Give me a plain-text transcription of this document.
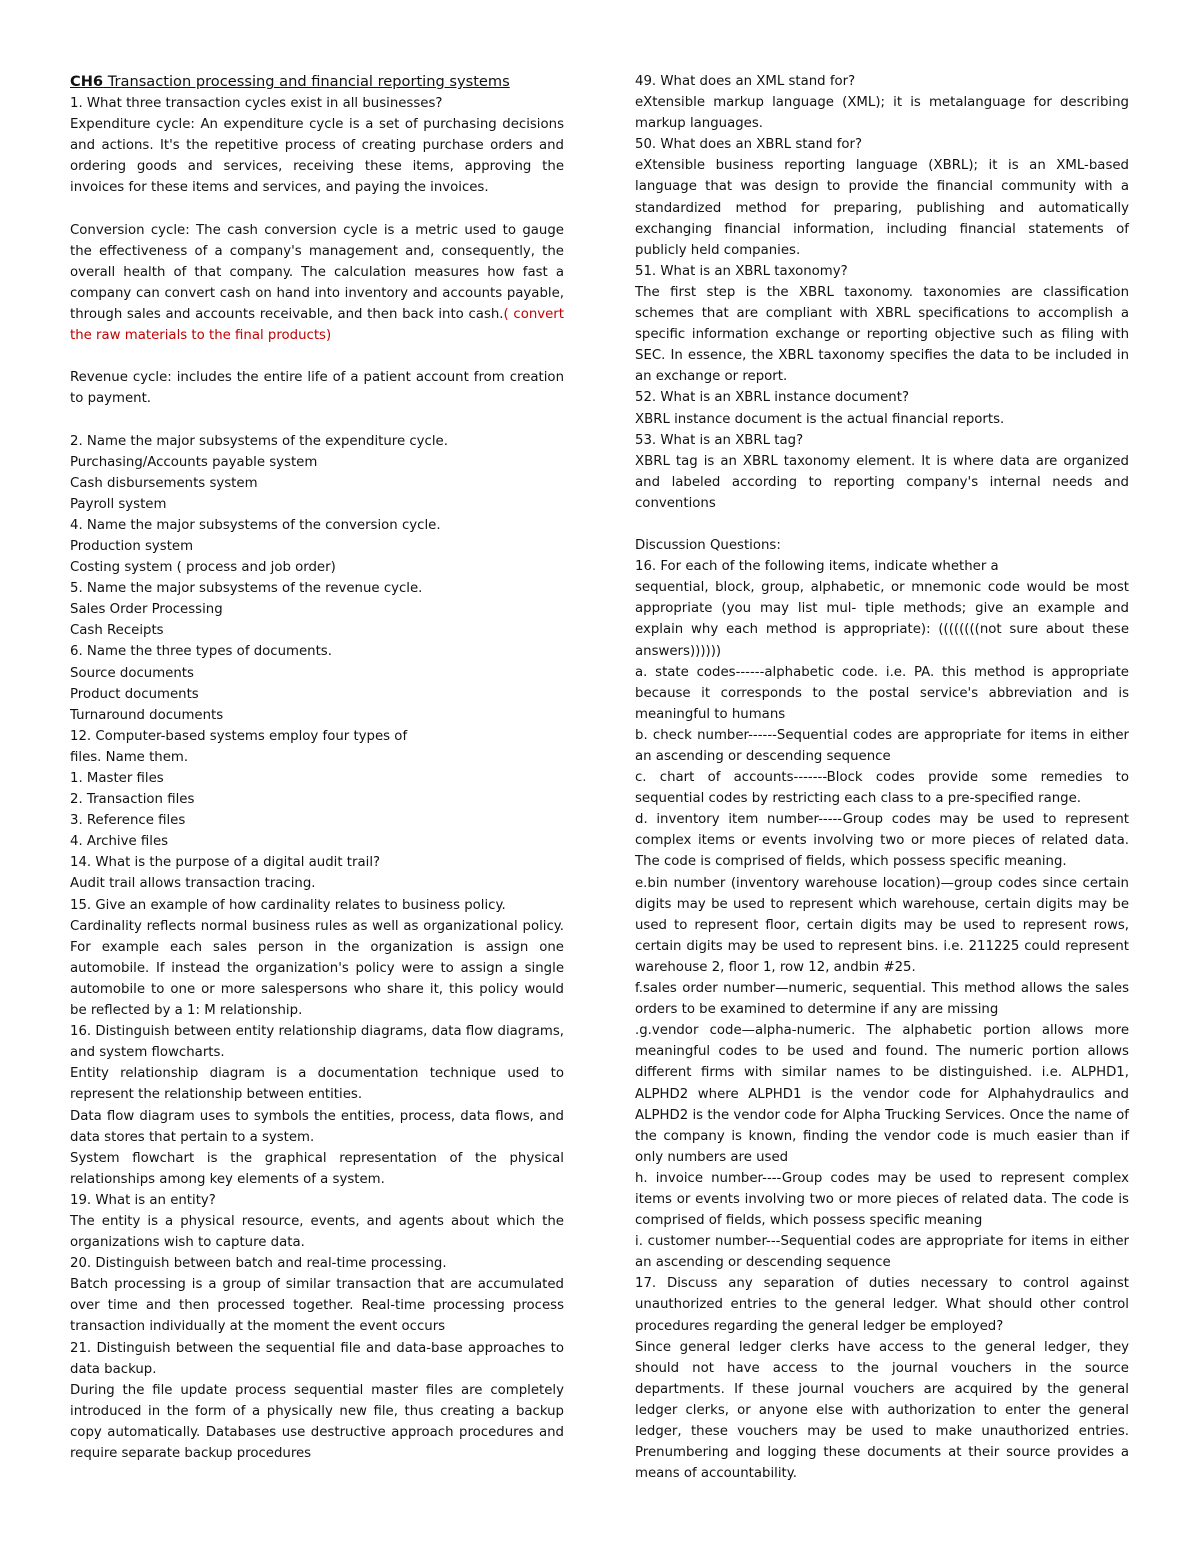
CH6 Transaction processing and financial reporting systems

1. What three transaction cycles exist in all businesses?

Expenditure cycle: An expenditure cycle is a set of purchasing decisions and actions. It's the repetitive process of creating purchase orders and ordering goods and services, receiving these items, approving the invoices for these items and services, and paying the invoices.

Conversion cycle: The cash conversion cycle is a metric used to gauge the effectiveness of a company's management and, consequently, the overall health of that company. The calculation measures how fast a company can convert cash on hand into inventory and accounts payable, through sales and accounts receivable, and then back into cash.( convert the raw materials to the final products)

Revenue cycle: includes the entire life of a patient account from creation to payment.

2. Name the major subsystems of the expenditure cycle.

Purchasing/Accounts payable system

Cash disbursements system

Payroll system

4. Name the major subsystems of the conversion cycle.

Production system

Costing system ( process and job order)

5. Name the major subsystems of the revenue cycle.

Sales Order Processing

Cash Receipts

6. Name the three types of documents.

Source documents

Product documents

Turnaround documents

12. Computer-based systems employ four types of

files. Name them.

1. Master files

2. Transaction files

3. Reference files

4. Archive files

14. What is the purpose of a digital audit trail?

Audit trail allows transaction tracing.

15. Give an example of how cardinality relates to business policy.

Cardinality reflects normal business rules as well as organizational policy. For example each sales person in the organization is assign one automobile. If instead the organization's policy were to assign a single automobile to one or more salespersons who share it, this policy would be reflected by a 1: M relationship.

16. Distinguish between entity relationship diagrams, data flow diagrams, and system flowcharts.

Entity relationship diagram is a documentation technique used to represent the relationship between entities.

Data flow diagram uses to symbols the entities, process, data flows, and data stores that pertain to a system.

System flowchart is the graphical representation of the physical relationships among key elements of a system.

19. What is an entity?

The entity is a physical resource, events, and agents about which the organizations wish to capture data.

20. Distinguish between batch and real-time processing.

Batch processing is a group of similar transaction that are accumulated over time and then processed together. Real-time processing process transaction individually at the moment the event occurs

21. Distinguish between the sequential file and data-base approaches to data backup.

During the file update process sequential master files are completely introduced in the form of a physically new file, thus creating a backup copy automatically. Databases use destructive approach procedures and require separate backup procedures

49. What does an XML stand for?

eXtensible markup language (XML); it is metalanguage for describing markup languages.

50. What does an XBRL stand for?

eXtensible business reporting language (XBRL); it is an XML-based language that was design to provide the financial community with a standardized method for preparing, publishing and automatically exchanging financial information, including financial statements of publicly held companies.

51. What is an XBRL taxonomy?

The first step is the XBRL taxonomy. taxonomies are classification schemes that are compliant with XBRL specifications to accomplish a specific information exchange or reporting objective such as filing with SEC. In essence, the XBRL taxonomy specifies the data to be included in an exchange or report.

52. What is an XBRL instance document?

XBRL instance document is the actual financial reports.

53. What is an XBRL tag?

XBRL tag is an XBRL taxonomy element. It is where data are organized and labeled according to reporting company's internal needs and conventions

Discussion Questions:

16. For each of the following items, indicate whether a

sequential, block, group, alphabetic, or mnemonic code would be most appropriate (you may list mul- tiple methods; give an example and explain why each method is appropriate): ((((((((not sure about these answers))))))

a. state codes------alphabetic code. i.e. PA. this method is appropriate because it corresponds to the postal service's abbreviation and is meaningful to humans

b. check number------Sequential codes are appropriate for items in either an ascending or descending sequence

c. chart of accounts-------Block codes provide some remedies to sequential codes by restricting each class to a pre-specified range.

d. inventory item number-----Group codes may be used to represent complex items or events involving two or more pieces of related data. The code is comprised of fields, which possess specific meaning.

e.bin number (inventory warehouse location)—group codes since certain digits may be used to represent which warehouse, certain digits may be used to represent floor, certain digits may be used to represent rows, certain digits may be used to represent bins. i.e. 211225 could represent warehouse 2, floor 1, row 12, andbin #25.

f.sales order number—numeric, sequential. This method allows the sales orders to be examined to determine if any are missing

.g.vendor code—alpha-numeric. The alphabetic portion allows more meaningful codes to be used and found. The numeric portion allows different firms with similar names to be distinguished. i.e. ALPHD1, ALPHD2 where ALPHD1 is the vendor code for Alphahydraulics and ALPHD2 is the vendor code for Alpha Trucking Services. Once the name of the company is known, finding the vendor code is much easier than if only numbers are used

h. invoice number----Group codes may be used to represent complex items or events involving two or more pieces of related data. The code is comprised of fields, which possess specific meaning

i. customer number---Sequential codes are appropriate for items in either an ascending or descending sequence

17. Discuss any separation of duties necessary to control against unauthorized entries to the general ledger. What should other control procedures regarding the general ledger be employed?

Since general ledger clerks have access to the general ledger, they should not have access to the journal vouchers in the source departments. If these journal vouchers are acquired by the general ledger clerks, or anyone else with authorization to enter the general ledger, these vouchers may be used to make unauthorized entries. Prenumbering and logging these documents at their source provides a means of accountability.
